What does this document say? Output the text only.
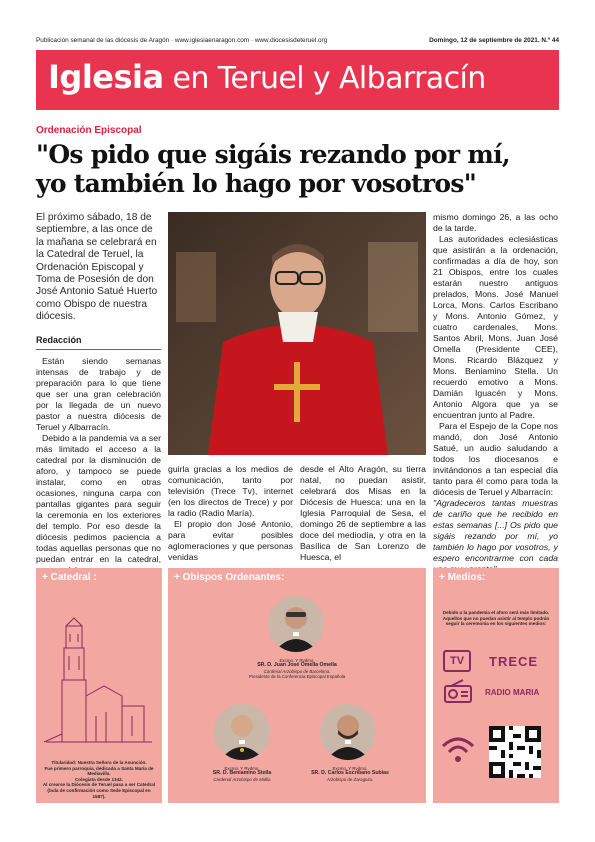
Publicación semanal de las diócesis de Aragón · www.iglesiaenaragon.com · www.diocesisdeteruel.org	Domingo, 12 de septiembre de 2021. N.º 44
Iglesia en Teruel y Albarracín
Ordenación Episcopal
"Os pido que sigáis rezando por mí,
yo también lo hago por vosotros"
El próximo sábado, 18 de septiembre, a las once de la mañana se celebrará en la Catedral de Teruel, la Ordenación Episcopal y Toma de Posesión de don José Antonio Satué Huerto como Obispo de nuestra diócesis.
Redacción

Están siendo semanas intensas de trabajo y de preparación para lo que tiene que ser una gran celebración por la llegada de un nuevo pastor a nuestra diócesis de Teruel y Albarracín.

Debido a la pandemia va a ser más limitado el acceso a la catedral por la disminución de aforo, y tampoco se puede instalar, como en otras ocasiones, ninguna carpa con pantallas gigantes para seguir la ceremonia en los exteriores del templo. Por eso desde la diócesis pedimos paciencia a todas aquellas personas que no puedan entrar en la catedral,

guirla gracias a los medios de comunicación, tanto por televisión (Trece Tv), internet (en los directos de Trece) y por la radio (Radio María).

El propio don José Antonio, para evitar posibles aglomeraciones y que personas venidas

desde el Alto Aragón, su tierra natal, no puedan asistir, celebrará dos Misas en la Diócesis de Huesca: una en la Iglesia Parroquial de Sesa, el domingo 26 de septiembre a las doce del mediodía, y otra en la Basílica de San Lorenzo de Huesca, el

mismo domingo 26, a las ocho de la tarde.

Las autoridades eclesiásticas que asistirán a la ordenación, confirmadas a día de hoy, son 21 Obispos, entre los cuales estarán nuestro antiguos prelados, Mons. José Manuel Lorca, Mons. Carlos Escribano y Mons. Antonio Gómez, y cuatro cardenales, Mons. Santos Abril, Mons. Juan José Omella (Presidente CEE), Mons. Ricardo Blázquez y Mons. Beniamino Stella. Un recuerdo emotivo a Mons. Damián Iguacén y Mons. Antonio Algora que ya se encuentran junto al Padre.

Para el Espejo de la Cope nos mandó, don José Antonio Satué, un audio saludando a todos los diocesanos e invitándonos a tan especial día tanto para él como para toda la diócesis de Teruel y Albarracín:

"Agradeceros tantas muestras de cariño que he recibido en estas semanas [...] Os pido que sigáis rezando por mí, yo también lo hago por vosotros, y espero encontrarme con cada

+ Catedral :
Titularidad: Nuestra Señora de la Asunción.
Fue primero parroquia, dedicada a Santa María de Mediavilla.
Colegiata desde 1342.
Al crearse la Diócesis de Teruel pasa a ser Catedral (bula de confirmación como Sede Episcopal en 1587).
+ Obispos Ordenantes:
Excmo. Y Rvdmo.
SR. D. Juan José Omella Omella
Cardenal Arzobispo de Barcelona.
Presidente de la Conferencia Episcopal Española
Excmo. Y Rvdmo.
SR. D. Beniamino Stella
Cardenal Arzobispo de Midila
Excmo. Y Rvdmo.
SR. D. Carlos Escribano Subías
Arzobispo de Zaragoza.
+ Medios:
Debido a la pandemia el aforo será más limitado. Aquellos que no puedan asistir al templo podrán seguir la ceremonia en los siguientes medios:
TV	TRECE
RADIO MARIA
